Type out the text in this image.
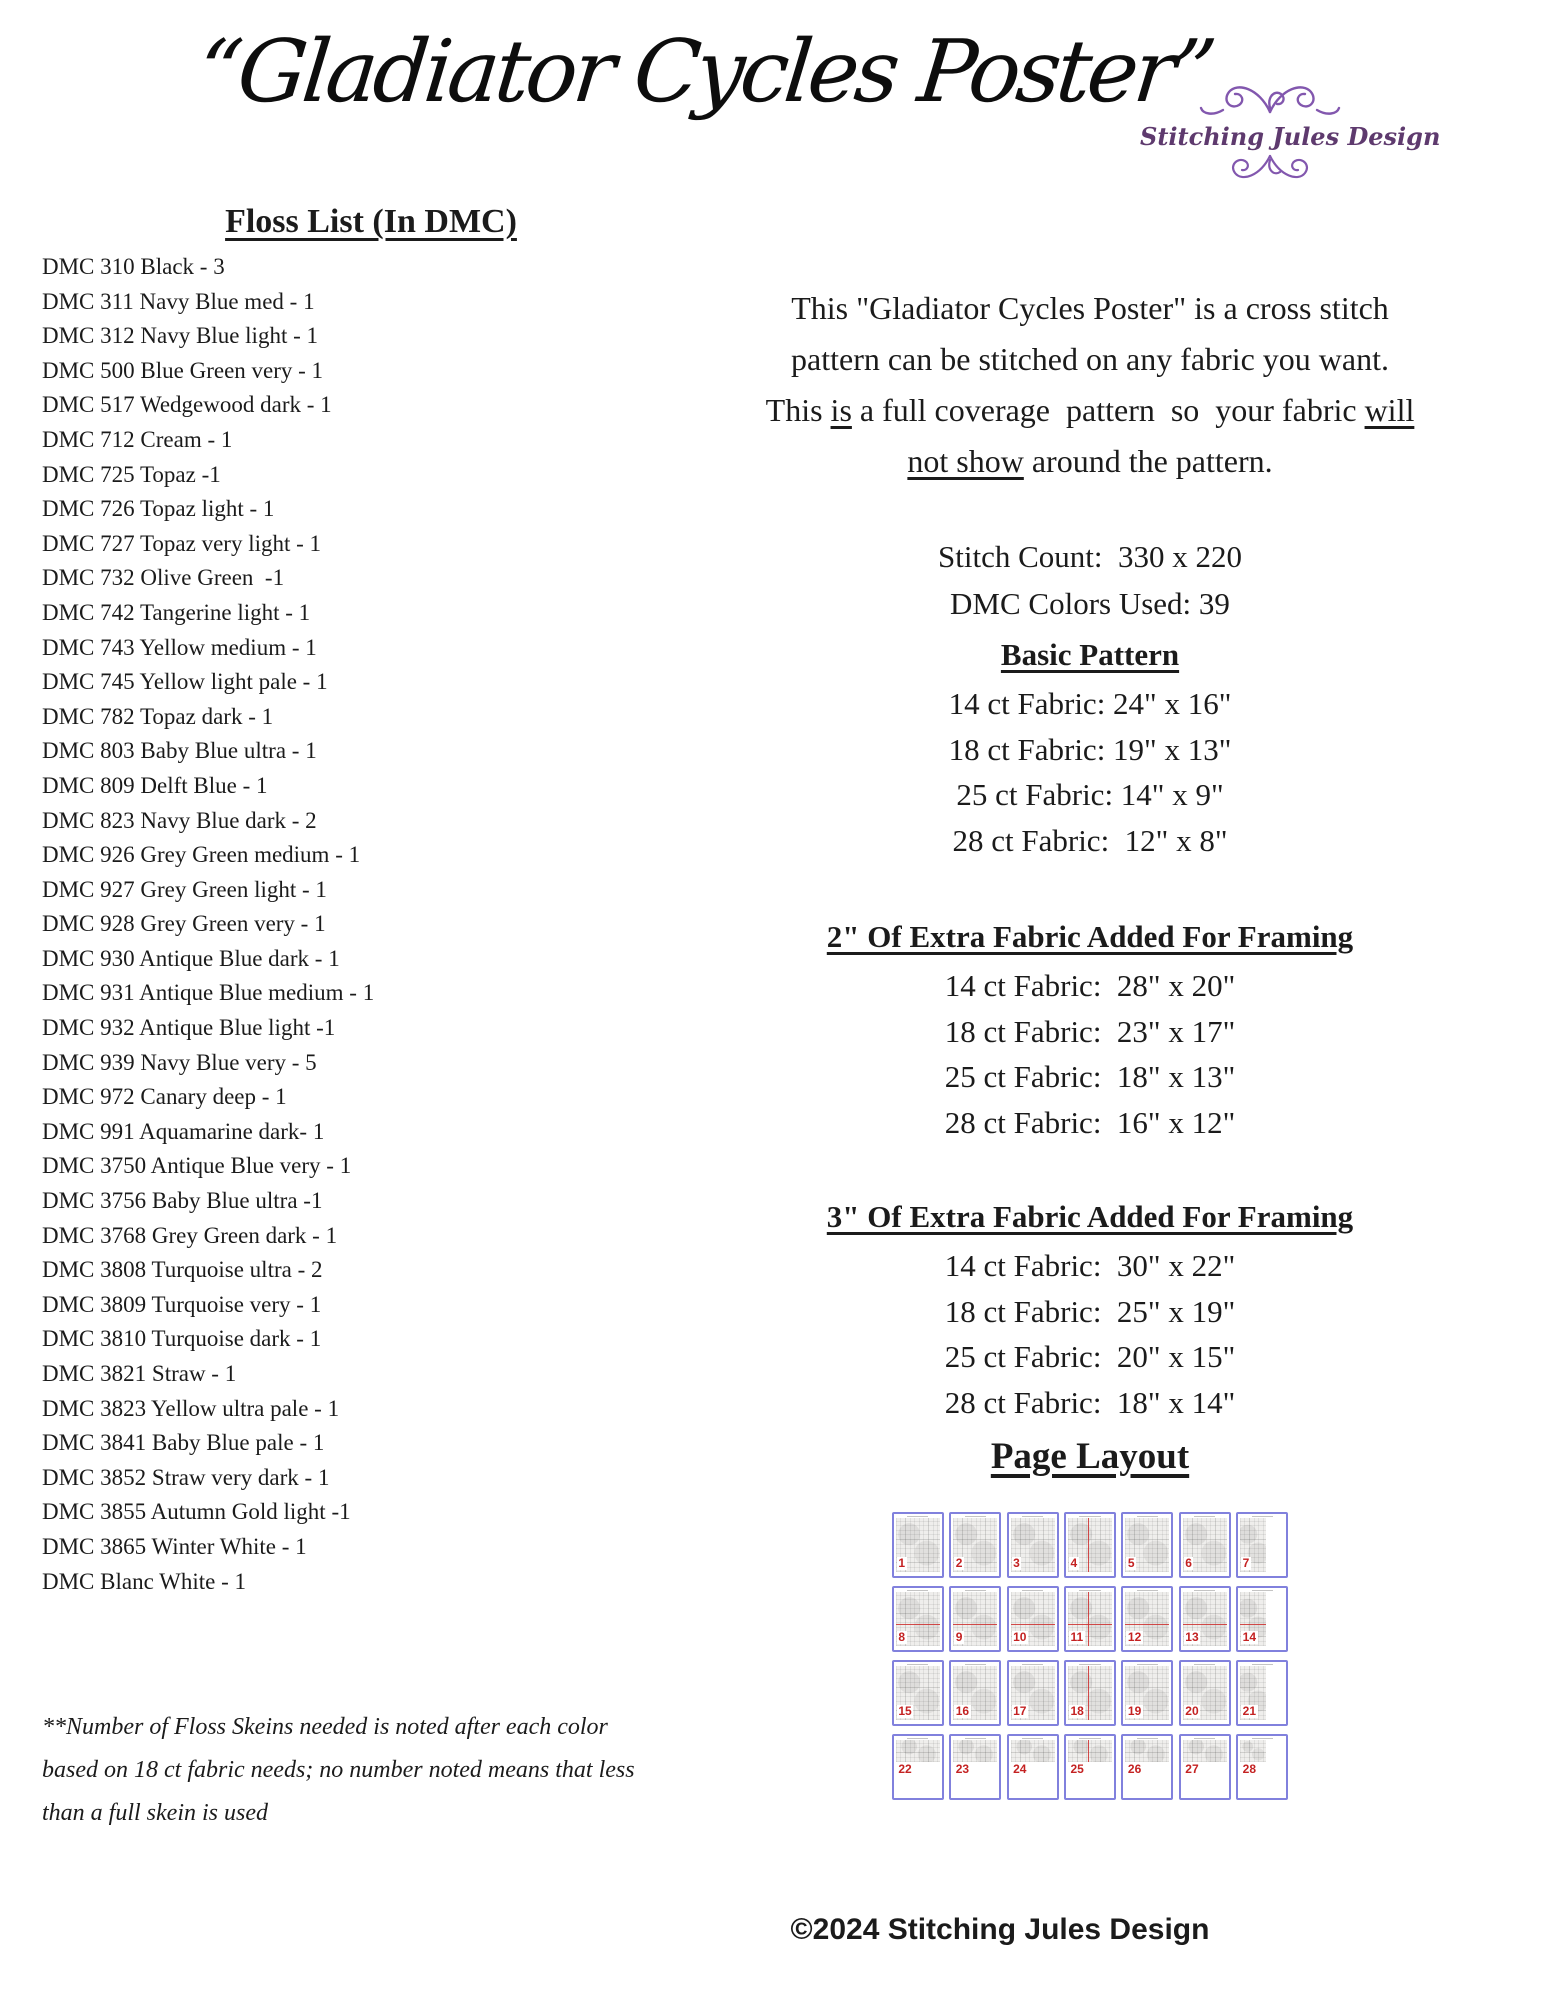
“Gladiator Cycles Poster”
Stitching Jules Design
Floss List (In DMC)
DMC 310 Black - 3
DMC 311 Navy Blue med - 1
DMC 312 Navy Blue light - 1
DMC 500 Blue Green very - 1
DMC 517 Wedgewood dark - 1
DMC 712 Cream - 1
DMC 725 Topaz -1
DMC 726 Topaz light - 1
DMC 727 Topaz very light - 1
DMC 732 Olive Green  -1
DMC 742 Tangerine light - 1
DMC 743 Yellow medium - 1
DMC 745 Yellow light pale - 1
DMC 782 Topaz dark - 1
DMC 803 Baby Blue ultra - 1
DMC 809 Delft Blue - 1
DMC 823 Navy Blue dark - 2
DMC 926 Grey Green medium - 1
DMC 927 Grey Green light - 1
DMC 928 Grey Green very - 1
DMC 930 Antique Blue dark - 1
DMC 931 Antique Blue medium - 1
DMC 932 Antique Blue light -1
DMC 939 Navy Blue very - 5
DMC 972 Canary deep - 1
DMC 991 Aquamarine dark- 1
DMC 3750 Antique Blue very - 1
DMC 3756 Baby Blue ultra -1
DMC 3768 Grey Green dark - 1
DMC 3808 Turquoise ultra - 2
DMC 3809 Turquoise very - 1
DMC 3810 Turquoise dark - 1
DMC 3821 Straw - 1
DMC 3823 Yellow ultra pale - 1
DMC 3841 Baby Blue pale - 1
DMC 3852 Straw very dark - 1
DMC 3855 Autumn Gold light -1
DMC 3865 Winter White - 1
DMC Blanc White - 1
**Number of Floss Skeins needed is noted after each color
based on 18 ct fabric needs; no number noted means that less
than a full skein is used
This "Gladiator Cycles Poster" is a cross stitch
pattern can be stitched on any fabric you want.
This is a full coverage  pattern  so  your fabric will
not show around the pattern.
Stitch Count:  330 x 220
DMC Colors Used: 39
Basic Pattern
14 ct Fabric: 24" x 16"
18 ct Fabric: 19" x 13"
25 ct Fabric: 14" x 9"
28 ct Fabric:  12" x 8"
2" Of Extra Fabric Added For Framing
14 ct Fabric:  28" x 20"
18 ct Fabric:  23" x 17"
25 ct Fabric:  18" x 13"
28 ct Fabric:  16" x 12"
3" Of Extra Fabric Added For Framing
14 ct Fabric:  30" x 22"
18 ct Fabric:  25" x 19"
25 ct Fabric:  20" x 15"
28 ct Fabric:  18" x 14"
Page Layout
1	2	3	4	5	6	7
8	9	10	11	12	13	14
15	16	17	18	19	20	21
22	23	24	25	26	27	28
©2024 Stitching Jules Design
